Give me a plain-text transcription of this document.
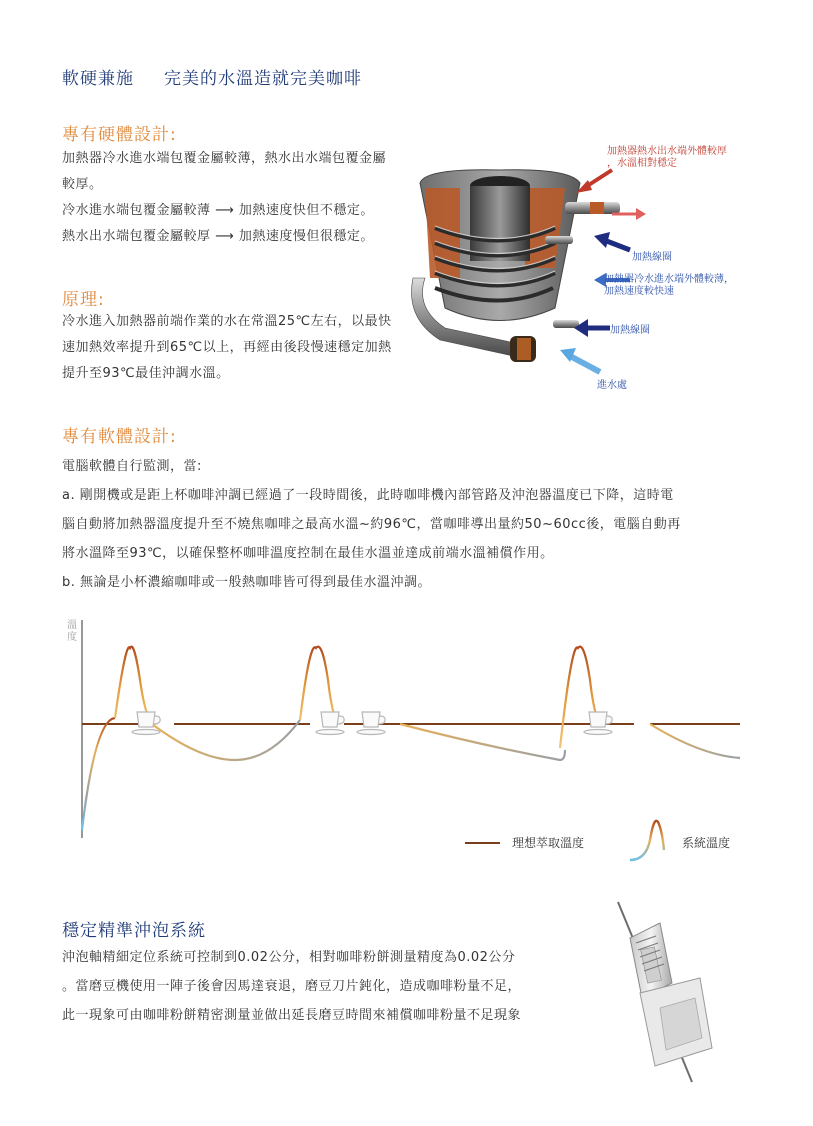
軟硬兼施 完美的水溫造就完美咖啡
專有硬體設計:
加熱器冷水進水端包覆金屬較薄，熱水出水端包覆金屬
較厚。
冷水進水端包覆金屬較薄 ⟶ 加熱速度快但不穩定。
熱水出水端包覆金屬較厚 ⟶ 加熱速度慢但很穩定。
原理:
冷水進入加熱器前端作業的水在常溫25℃左右，以最快
速加熱效率提升到65℃以上，再經由後段慢速穩定加熱
提升至93℃最佳沖調水溫。
加熱器熱水出水端外體較厚
，水溫相對穩定
加熱線圈
加熱器冷水進水端外體較薄，
加熱速度較快速
加熱線圈
進水處
專有軟體設計:
電腦軟體自行監測，當:
a. 剛開機或是距上杯咖啡沖調已經過了一段時間後，此時咖啡機內部管路及沖泡器溫度已下降，這時電
腦自動將加熱器溫度提升至不燒焦咖啡之最高水溫~約96℃，當咖啡導出量約50~60cc後，電腦自動再
將水溫降至93℃，以確保整杯咖啡溫度控制在最佳水溫並達成前端水溫補償作用。
b. 無論是小杯濃縮咖啡或一般熱咖啡皆可得到最佳水溫沖調。
溫
度
理想萃取溫度	系統溫度
穩定精準沖泡系統
沖泡軸精細定位系統可控制到0.02公分，相對咖啡粉餅測量精度為0.02公分
。當磨豆機使用一陣子後會因馬達衰退，磨豆刀片鈍化，造成咖啡粉量不足，
此一現象可由咖啡粉餅精密測量並做出延長磨豆時間來補償咖啡粉量不足現象
